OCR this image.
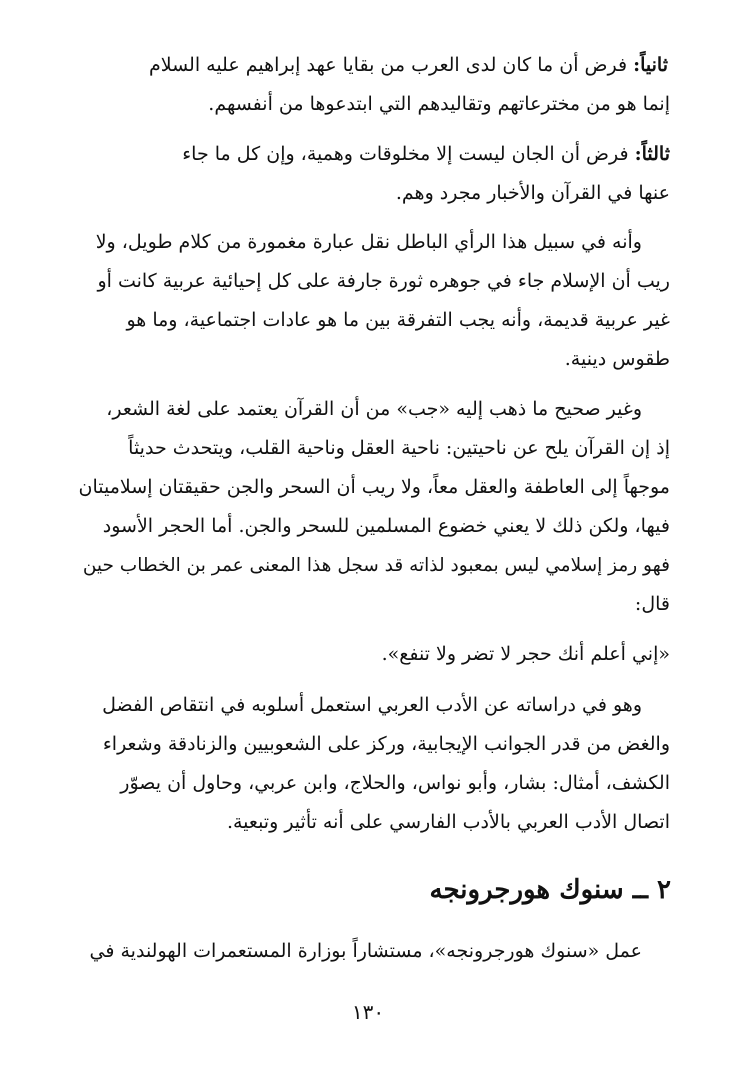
ثانياً: فرض أن ما كان لدى العرب من بقايا عهد إبراهيم عليه السلام
إنما هو من مخترعاتهم وتقاليدهم التي ابتدعوها من أنفسهم.
ثالثاً: فرض أن الجان ليست إلا مخلوقات وهمية، وإن كل ما جاء
عنها في القرآن والأخبار مجرد وهم.
وأنه في سبيل هذا الرأي الباطل نقل عبارة مغمورة من كلام طويل، ولا
ريب أن الإسلام جاء في جوهره ثورة جارفة على كل إحيائية عربية كانت أو
غير عربية قديمة، وأنه يجب التفرقة بين ما هو عادات اجتماعية، وما هو
طقوس دينية.
وغير صحيح ما ذهب إليه «جب» من أن القرآن يعتمد على لغة الشعر،
إذ إن القرآن يلح عن ناحيتين: ناحية العقل وناحية القلب، ويتحدث حديثاً
موجهاً إلى العاطفة والعقل معاً، ولا ريب أن السحر والجن حقيقتان إسلاميتان
فيها، ولكن ذلك لا يعني خضوع المسلمين للسحر والجن. أما الحجر الأسود
فهو رمز إسلامي ليس بمعبود لذاته قد سجل هذا المعنى عمر بن الخطاب حين
قال:
«إني أعلم أنك حجر لا تضر ولا تنفع».
وهو في دراساته عن الأدب العربي استعمل أسلوبه في انتقاص الفضل
والغض من قدر الجوانب الإيجابية، وركز على الشعوبيين والزنادقة وشعراء
الكشف، أمثال: بشار، وأبو نواس، والحلاج، وابن عربي، وحاول أن يصوّر
اتصال الأدب العربي بالأدب الفارسي على أنه تأثير وتبعية.
٢ ــ سنوك هورجرونجه
عمل «سنوك هورجرونجه»، مستشاراً بوزارة المستعمرات الهولندية في
١٣٠
